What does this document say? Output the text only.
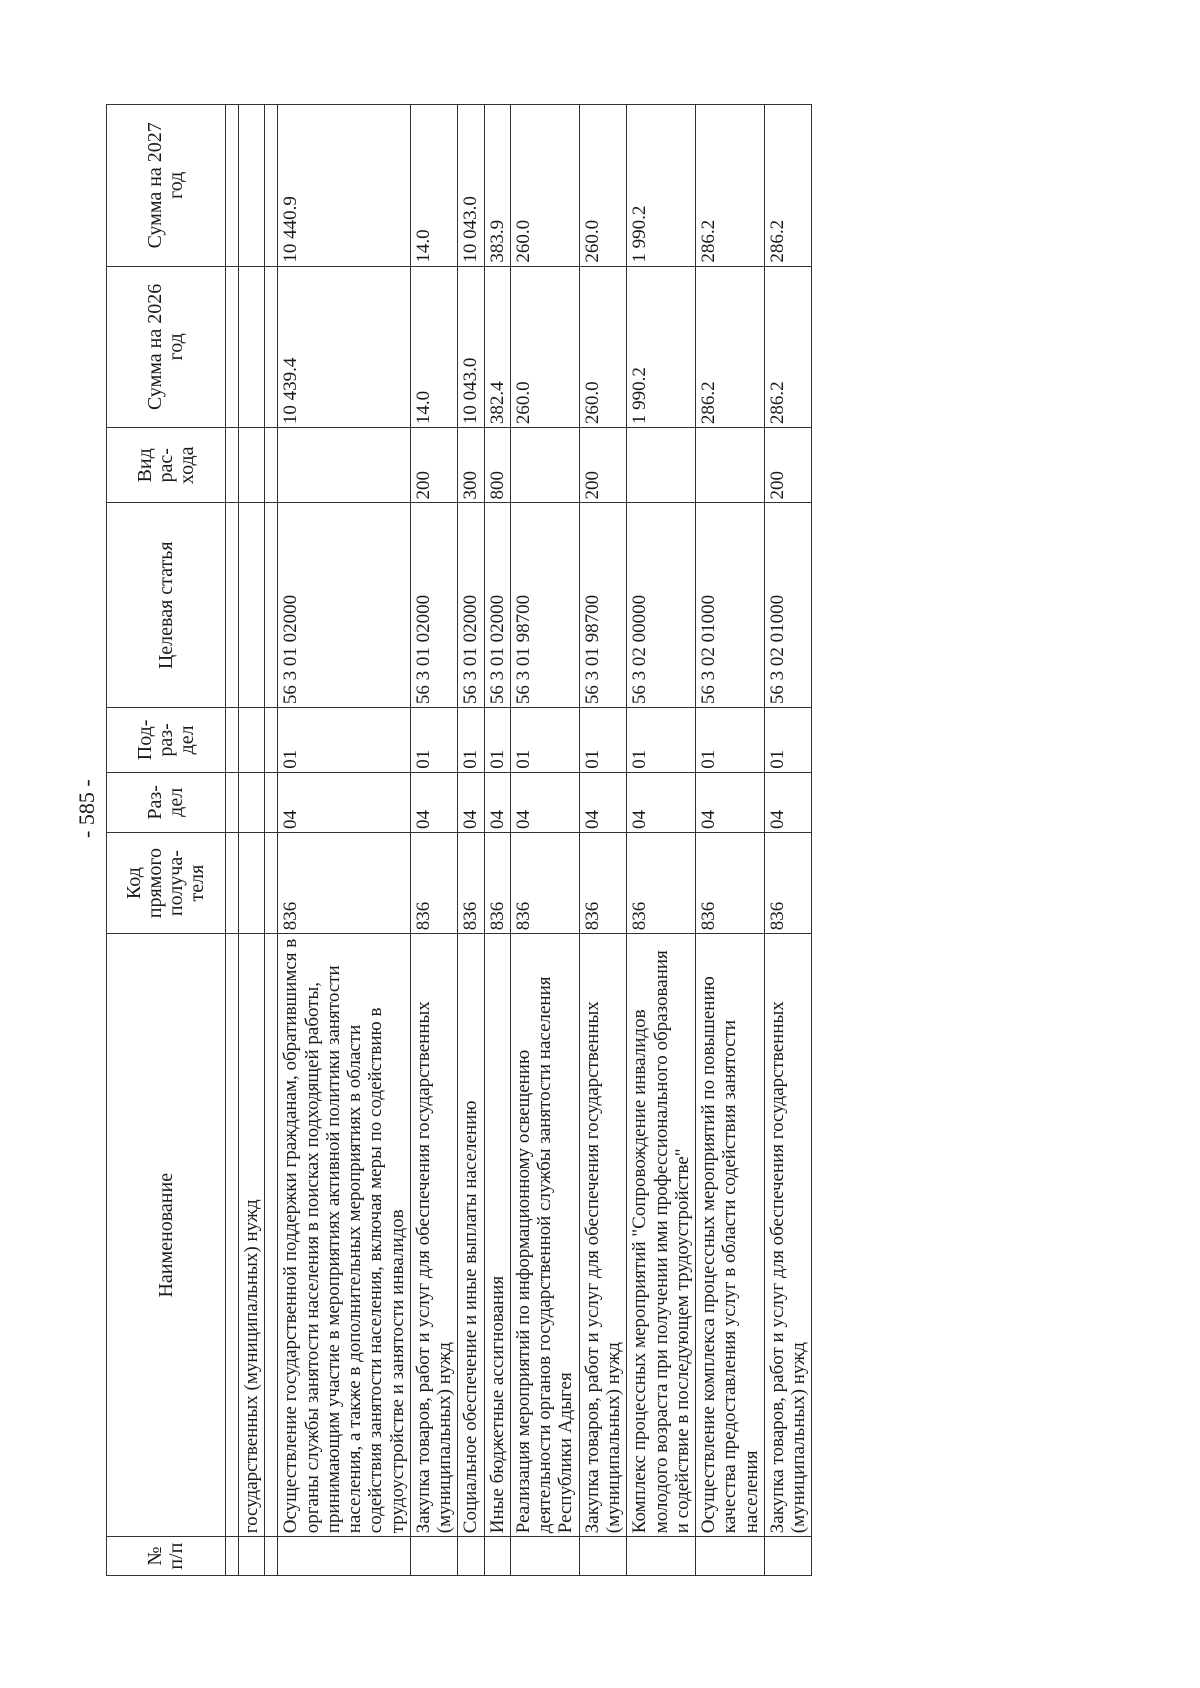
- 585 -
№ п/п	Наименование	Код прямого получа-теля	Раз-дел	Под-раз-дел	Целевая статья	Вид рас-хода	Сумма на 2026 год	Сумма на 2027 год

	государственных (муниципальных) нужд							

	Осуществление государственной поддержки гражданам, обратившимся в органы службы занятости населения в поисках подходящей работы, принимающим участие в мероприятиях активной политики занятости населения, а также в дополнительных мероприятиях в области содействия занятости населения, включая меры по содействию в трудоустройстве и занятости инвалидов	836	04	01	56 3 01 02000		10 439.4	10 440.9
	Закупка товаров, работ и услуг для обеспечения государственных (муниципальных) нужд	836	04	01	56 3 01 02000	200	14.0	14.0
	Социальное обеспечение и иные выплаты населению	836	04	01	56 3 01 02000	300	10 043.0	10 043.0
	Иные бюджетные ассигнования	836	04	01	56 3 01 02000	800	382.4	383.9
	Реализация мероприятий по информационному освещению деятельности органов государственной службы занятости населения Республики Адыгея	836	04	01	56 3 01 98700		260.0	260.0
	Закупка товаров, работ и услуг для обеспечения государственных (муниципальных) нужд	836	04	01	56 3 01 98700	200	260.0	260.0
	Комплекс процессных мероприятий "Сопровождение инвалидов молодого возраста при получении ими профессионального образования и содействие в последующем трудоустройстве"	836	04	01	56 3 02 00000		1 990.2	1 990.2
	Осуществление комплекса процессных мероприятий по повышению качества предоставления услуг в области содействия занятости населения	836	04	01	56 3 02 01000		286.2	286.2
	Закупка товаров, работ и услуг для обеспечения государственных (муниципальных) нужд	836	04	01	56 3 02 01000	200	286.2	286.2
